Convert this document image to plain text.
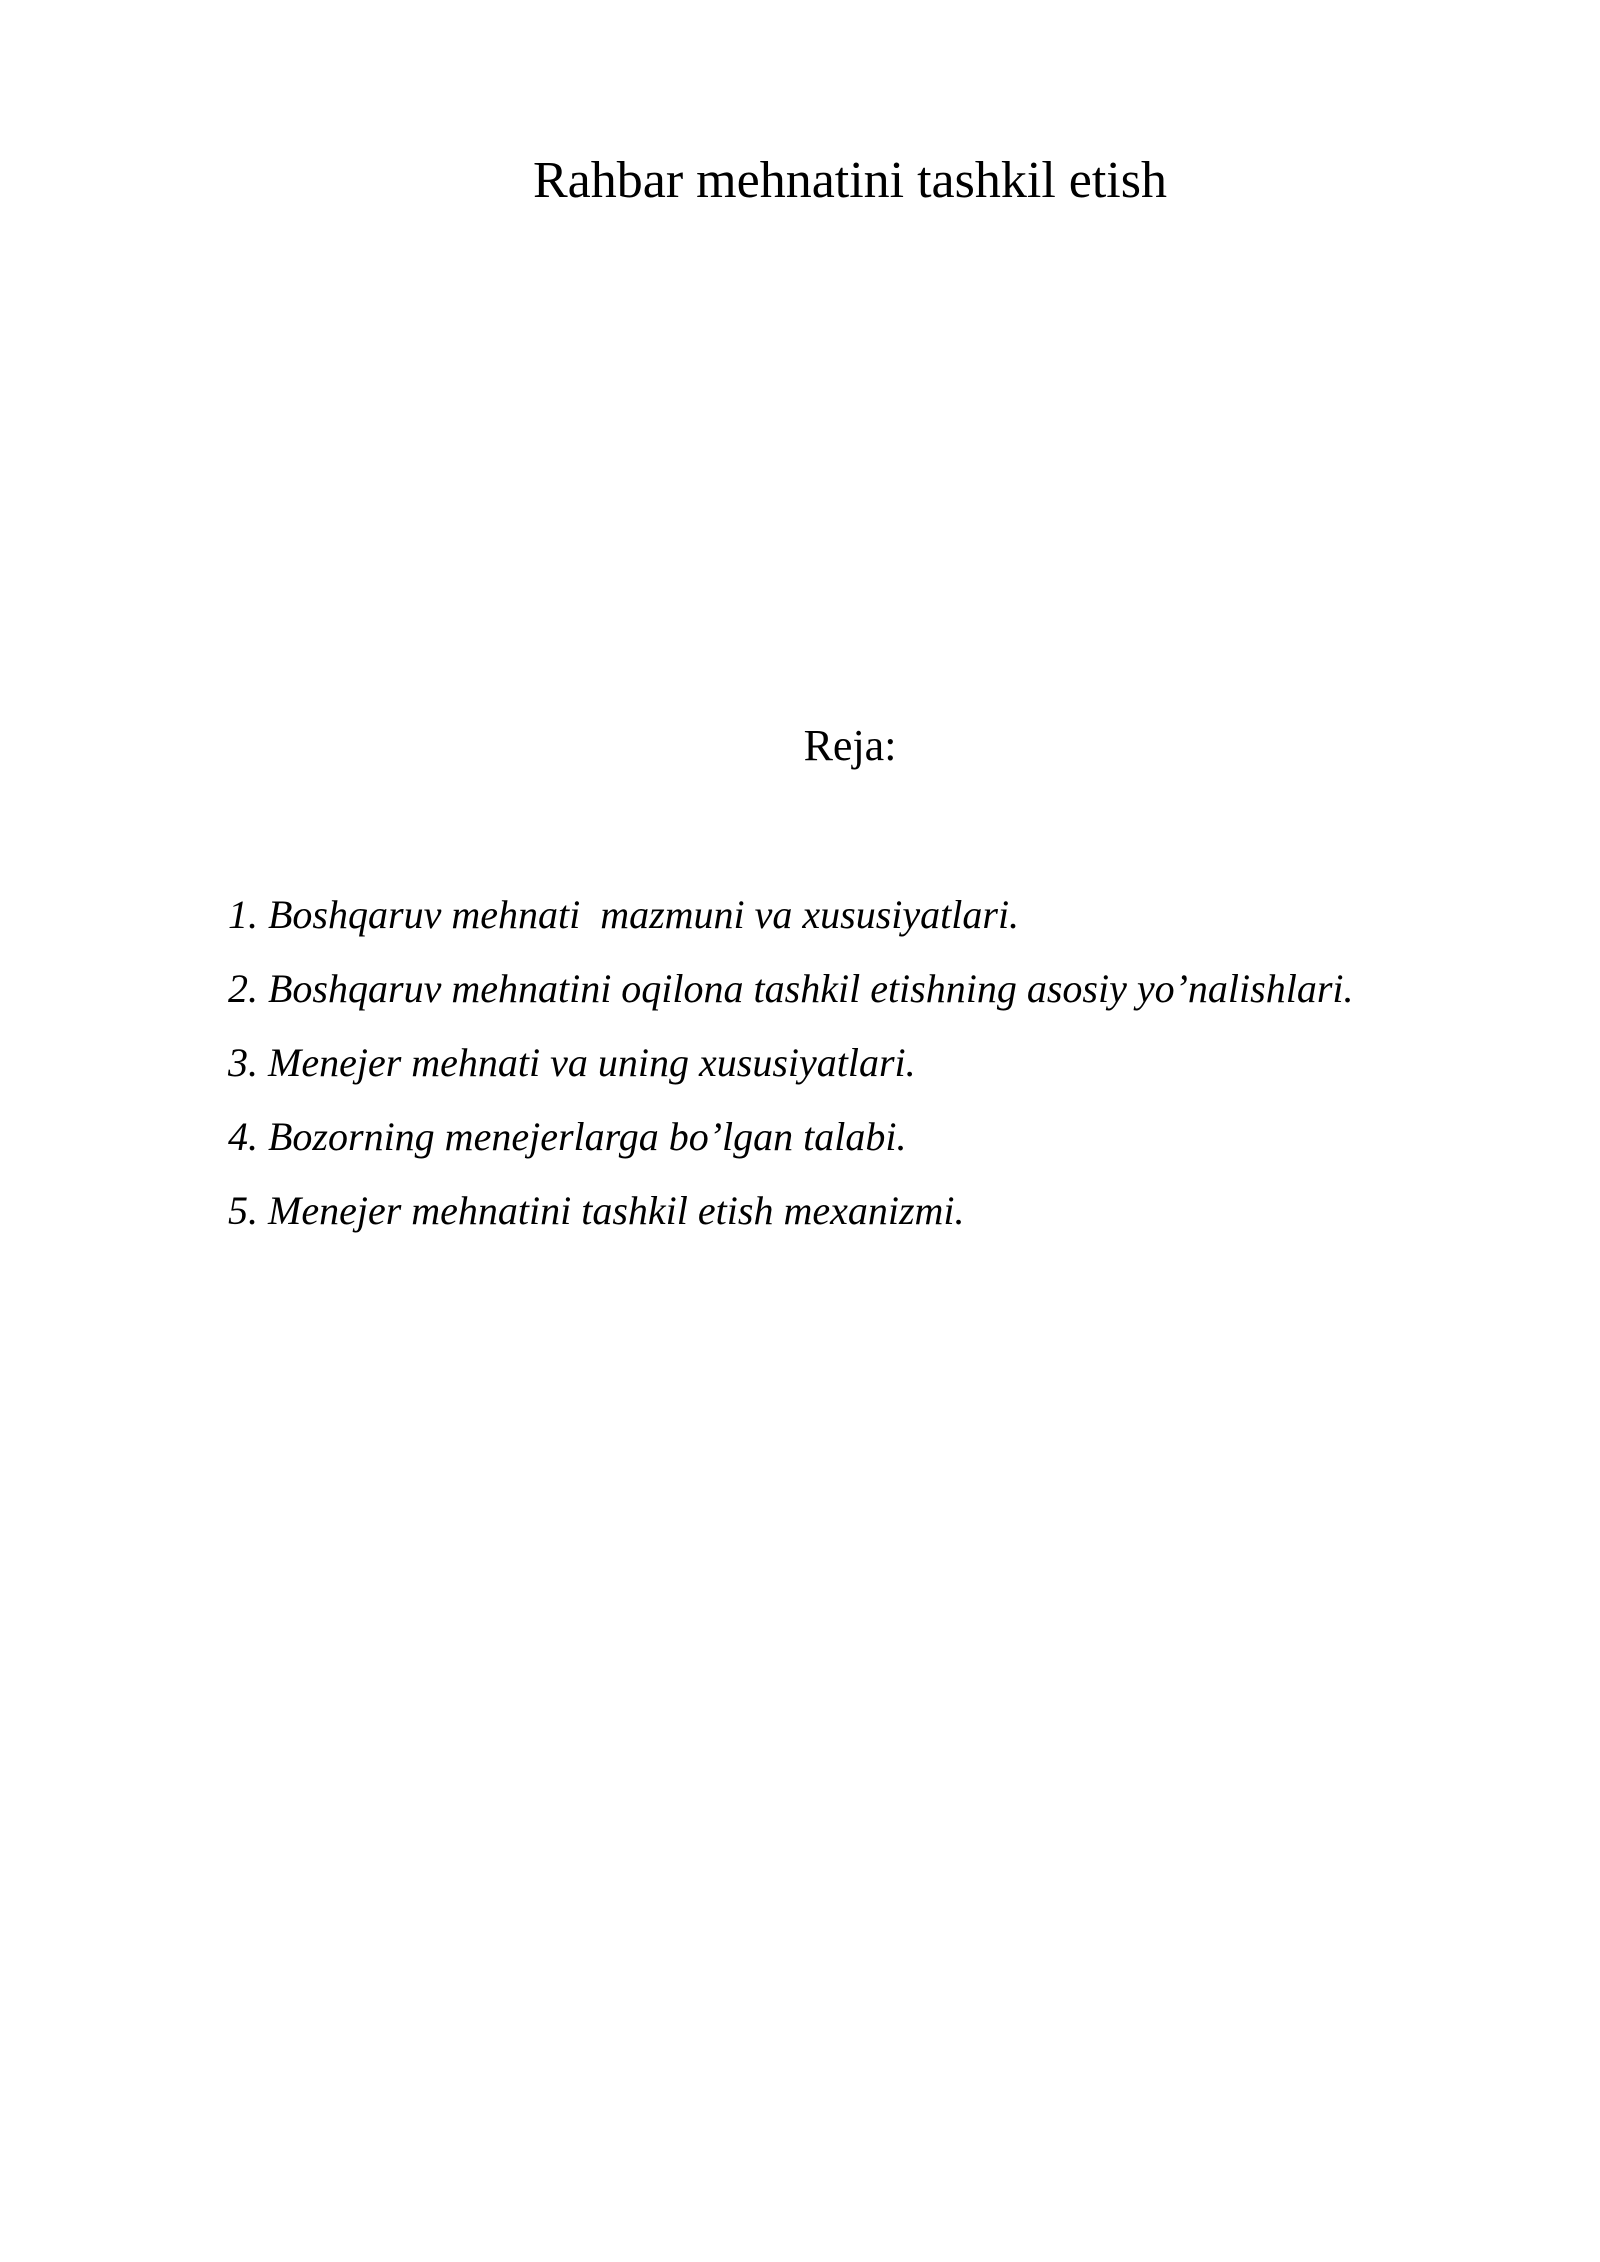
Rahbar mehnatini tashkil etish
Reja:
1. Boshqaruv mehnati  mazmuni va xususiyatlari.
2. Boshqaruv mehnatini oqilona tashkil etishning asosiy yo’nalishlari.
3. Menejer mehnati va uning xususiyatlari.
4. Bozorning menejerlarga bo’lgan talabi.
5. Menejer mehnatini tashkil etish mexanizmi.
